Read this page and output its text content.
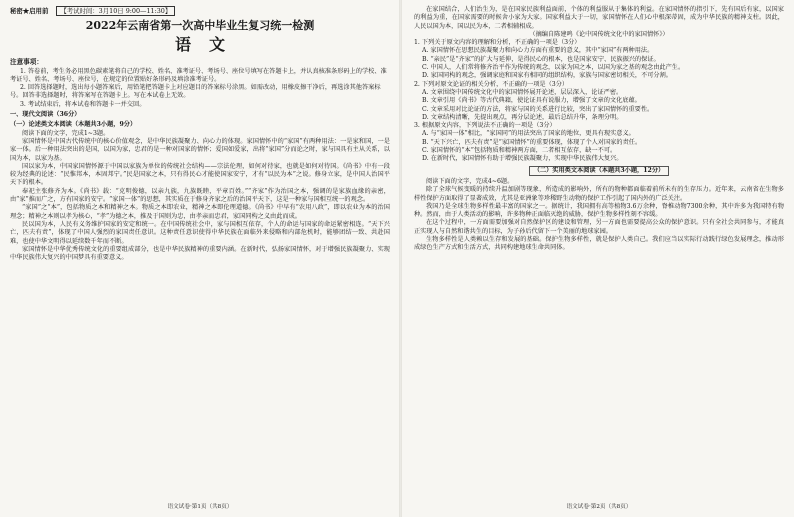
秘密★启用前	【考试时间：3月10日 9:00—11:30】
2022年云南省第一次高中毕业生复习统一检测
语文
注意事项：
1. 答卷前，考生务必用黑色碳素笔将自己的学校、姓名、准考证号、考场号、座位号填写在答题卡上，并认真核准条形码上的学校、准考证号、姓名、考场号、座位号，在规定的位置贴好条形码及填涂准考证号。
2. 回答选择题时，选出每小题答案后，用铅笔把答题卡上对应题目的答案标号涂黑。如需改动，用橡皮擦干净后，再选涂其他答案标号。回答非选择题时，将答案写在答题卡上。写在本试卷上无效。
3. 考试结束后，将本试卷和答题卡一并交回。
一、现代文阅读（36分）
（一）论述类文本阅读（本题共3小题，9分）
阅读下面的文字，完成1~3题。
家国情怀是中国古代传统中的核心价值观念，是中华民族凝聚力、向心力的体现。家国情怀中的“家国”有两种用法：一是家和国，一是家一体。后一种用法突出的是国，以国为家，忠君的是一种对国家的情怀；爱国如爱家，出将“家国”分而论之时，家与国具有主从关系，以国为本，以家为基。
国以家为本，中国家国情怀源于中国以家族为单位的传统社会结构——宗法伦理，如何对待家，也就是如何对待国。《尚书》中有一段较为经典的论述：“民惟邦本，本固邦宁。”民是国家之本，只有得民心才能使国家安宁，才有“以民为本”之说。修身立家，是中国人治国平天下的根本。
奉祀主张修齐为本。《尚书》载：“克明俊德，以亲九族，九族既睦，平章百姓。”“齐家”作为治国之本，强调的是家族血缘的亲密，由“家”推而广之，方有国家的安宁。“家国一体”的思想，其实质在于修身齐家之后的治国平天下，这是一种家与国相互统一的观念。
“家国”之“本”，包括物质之本和精神之本。物质之本即农业，精神之本即伦理道德。《尚书》中早有“农用八政”，即以农业为本的治国理念；精神之本则以孝为核心，“孝”为德之本，推及于国则为忠，由孝亲而忠君，家国同构之义由此而成。
民以国为本，人民有义务维护国家的安定和统一。在中国传统社会中，家与国相互依存，个人的命运与国家的命运紧密相连。“天下兴亡，匹夫有责”，体现了中国人强烈的家国责任意识。这种责任意识使得中华民族在面临外来侵略和内部危机时，能够团结一致、共赴国难，也使中华文明得以延续数千年而不断。
家国情怀是中华优秀传统文化的重要组成部分，也是中华民族精神的重要内涵。在新时代，弘扬家国情怀，对于增强民族凝聚力、实现中华民族伟大复兴的中国梦具有重要意义。
语文试卷·第1页（共8页）
在家国结合，人们治生为，是在国家民族利益面前，个体的利益服从于集体的利益。在家国情怀的指引下，先有国后有家，以国家的利益为重，在国家需要的时候舍小家为大家。国家利益大于一切，家国情怀在人们心中根深蒂固，成为中华民族的精神支柱。因此，人民以国为本，国以民为本，二者相辅相成。
（摘编自陈建鸣《论中国传统文化中的家国情怀》）
1. 下列关于原文内容的理解和分析，不正确的一项是（3分）
A. 家国情怀在思想民族凝聚力和向心力方面有重要的意义，其中“家国”有两种用法。
B. “亲民”是“齐家”的扩大与延伸，是得民心的根本，也是国家安宁、民族振兴的保证。
C. 中国人，人们常将修齐治平作为传统的观念，以家为国之本，以国为家之基的观念由此产生。
D. 家国同构的观念，强调家庭和国家有相同的组织结构，家族与国家密切相关，不可分割。
2. 下列对原文论证的相关分析，不正确的一项是（3分）
A. 文章围绕中国传统文化中的家国情怀展开论述，层层深入，论证严密。
B. 文章引用《尚书》等古代典籍，使论证具有说服力，增强了文章的文化底蕴。
C. 文章采用对比论证的方法，将家与国的关系进行比较，突出了家国情怀的重要性。
D. 文章结构清晰，先提出观点，再分层论述，最后总结升华，条理分明。
3. 根据原文内容，下列说法不正确的一项是（3分）
A. 与“家国一体”相比，“家国同”的用法突出了国家的地位，更具有现实意义。
B. “天下兴亡，匹夫有责”是“家国情怀”的重要体现，体现了个人对国家的责任。
C. 家国情怀的“本”包括物质和精神两方面，二者相互依存，缺一不可。
D. 在新时代，家国情怀有助于增强民族凝聚力，实现中华民族伟大复兴。
（二）实用类文本阅读（本题共3小题，12分）
阅读下面的文字，完成4~6题。
除了全球气候变暖的持续升温加剧等现象，所造成的影响外，所有的物种都面临着前所未有的生存压力。近年来，云南省在生物多样性保护方面取得了显著成效，尤其是亚洲象等珍稀野生动物的保护工作引起了国内外的广泛关注。
我国乃是全球生物多样性最丰富的国家之一。据统计，我国拥有高等植物3.6万余种，脊椎动物7300余种，其中许多为我国特有物种。然而，由于人类活动的影响，许多物种正面临灭绝的威胁，保护生物多样性刻不容缓。
在这个过程中，一方面需要加强对自然保护区的建设和管理，另一方面也需要提高公众的保护意识。只有全社会共同参与，才能真正实现人与自然和谐共生的目标，为子孙后代留下一个美丽的地球家园。
生物多样性是人类赖以生存和发展的基础。保护生物多样性，就是保护人类自己。我们应当以实际行动践行绿色发展理念，推动形成绿色生产方式和生活方式，共同构建地球生命共同体。
语文试卷·第2页（共8页）
